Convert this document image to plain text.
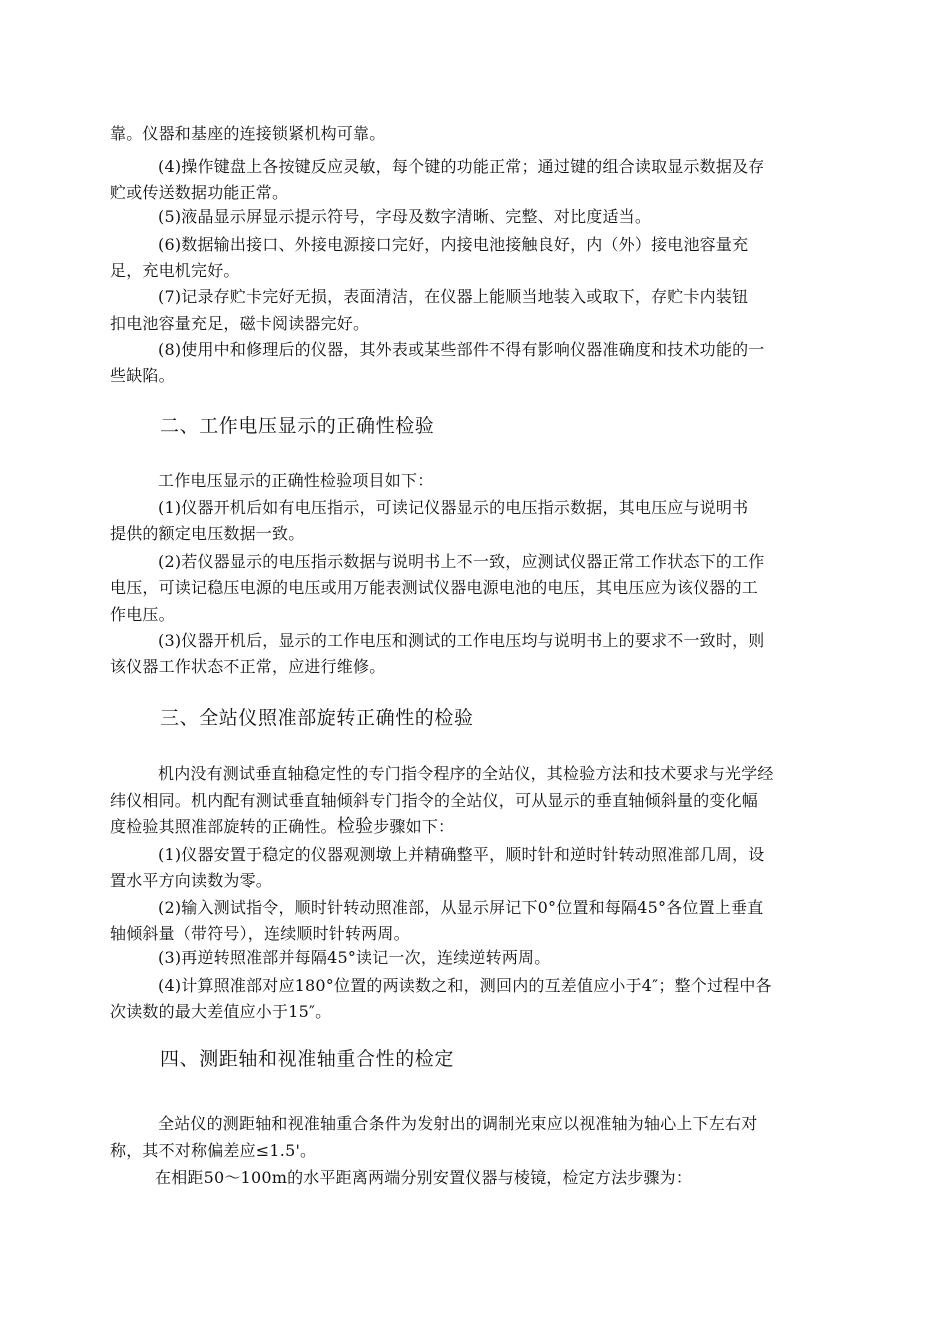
靠。仪器和基座的连接锁紧机构可靠。
(4)操作键盘上各按键反应灵敏，每个键的功能正常；通过键的组合读取显示数据及存
贮或传送数据功能正常。
(5)液晶显示屏显示提示符号，字母及数字清晰、完整、对比度适当。
(6)数据输出接口、外接电源接口完好，内接电池接触良好，内（外）接电池容量充
足，充电机完好。
(7)记录存贮卡完好无损，表面清洁，在仪器上能顺当地装入或取下，存贮卡内装钮
扣电池容量充足，磁卡阅读器完好。
(8)使用中和修理后的仪器，其外表或某些部件不得有影响仪器准确度和技术功能的一
些缺陷。
二、工作电压显示的正确性检验
工作电压显示的正确性检验项目如下：
(1)仪器开机后如有电压指示，可读记仪器显示的电压指示数据，其电压应与说明书
提供的额定电压数据一致。
(2)若仪器显示的电压指示数据与说明书上不一致，应测试仪器正常工作状态下的工作
电压，可读记稳压电源的电压或用万能表测试仪器电源电池的电压，其电压应为该仪器的工
作电压。
(3)仪器开机后，显示的工作电压和测试的工作电压均与说明书上的要求不一致时，则
该仪器工作状态不正常，应进行维修。
三、全站仪照准部旋转正确性的检验
机内没有测试垂直轴稳定性的专门指令程序的全站仪，其检验方法和技术要求与光学经
纬仪相同。机内配有测试垂直轴倾斜专门指令的全站仪，可从显示的垂直轴倾斜量的变化幅
度检验其照准部旋转的正确性。检验步骤如下：
(1)仪器安置于稳定的仪器观测墩上并精确整平，顺时针和逆时针转动照准部几周，设
置水平方向读数为零。
(2)输入测试指令，顺时针转动照准部，从显示屏记下0°位置和每隔45°各位置上垂直
轴倾斜量（带符号），连续顺时针转两周。
(3)再逆转照准部并每隔45°读记一次，连续逆转两周。
(4)计算照准部对应180°位置的两读数之和，测回内的互差值应小于4″；整个过程中各
次读数的最大差值应小于15″。
四、测距轴和视准轴重合性的检定
全站仪的测距轴和视准轴重合条件为发射出的调制光束应以视准轴为轴心上下左右对
称，其不对称偏差应≤1.5'。
在相距50～100m的水平距离两端分别安置仪器与棱镜，检定方法步骤为：
